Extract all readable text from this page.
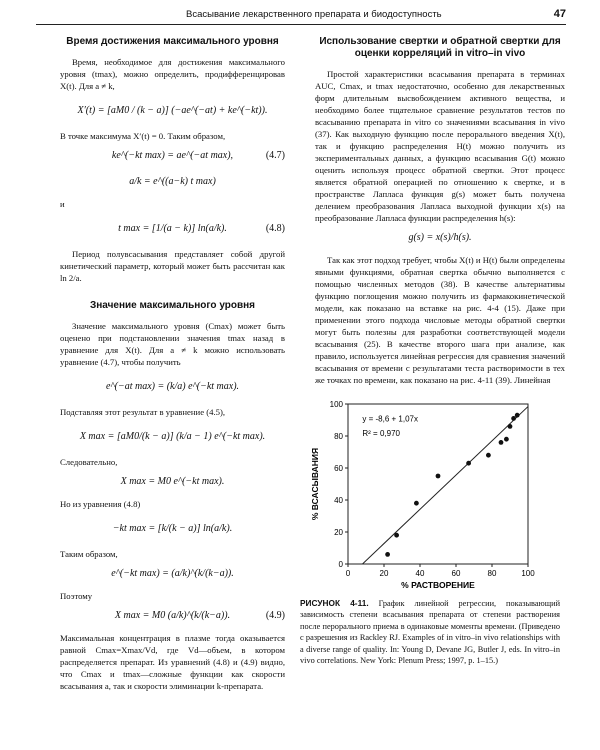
Всасывание лекарственного препарата и биодоступность	47
Время достижения максимального уровня

Время, необходимое для достижения максимального уровня (tmax), можно определить, продифференцировав X(t). Для a ≠ k,

X′(t) = [aM0 / (k − a)] (−ae^(−at) + ke^(−kt)).

В точке максимума X′(t) = 0. Таким образом,

ke^(−kt max) = ae^(−at max),	(4.7)
a/k = e^((a−k) t max)

и

t max = [1/(a − k)] ln(a/k).	(4.8)

Период полувсасывания представляет собой другой кинетический параметр, который может быть рассчитан как ln 2/a.

Значение максимального уровня

Значение максимального уровня (Cmax) может быть оценено при подстановлении значения tmax назад в уравнение для X(t). Для a ≠ k можно использовать уравнение (4.7), чтобы получить

e^(−at max) = (k/a) e^(−kt max).

Подставляя этот результат в уравнение (4.5),

X max = [aM0/(k − a)] (k/a − 1) e^(−kt max).

Следовательно,

X max = M0 e^(−kt max).

Но из уравнения (4.8)

−kt max = [k/(k − a)] ln(a/k).

Таким образом,

e^(−kt max) = (a/k)^(k/(k−a)).

Поэтому

X max = M0 (a/k)^(k/(k−a)).	(4.9)

Максимальная концентрация в плазме тогда оказывается равной Cmax=Xmax/Vd, где Vd—объем, в котором распределяется препарат. Из уравнений (4.8) и (4.9) видно, что Cmax и tmax—сложные функции как скорости всасывания a, так и скорости элиминации k-препарата.

Использование свертки и обратной свертки для оценки корреляций in vitro–in vivo

Простой характеристики всасывания препарата в терминах AUC, Cmax, и tmax недостаточно, особенно для лекарственных форм длительным высвобождением активного вещества, и необходимо более тщательное сравнение результатов тестов по всасыванию препарата in vitro со значениями всасывания in vivo (37). Как выходную функцию после перорального введения X(t), так и функцию распределения H(t) можно получить из экспериментальных данных, а функцию всасывания G(t) можно оценить используя процесс обратной свертки. Этот процесс является обратной операцией по отношению к свертке, и в пространстве Лапласа функция g(s) может быть получена делением преобразования Лапласа выходной функции x(s) на преобразование Лапласа функции распределения h(s):

g(s) = x(s)/h(s).

Так как этот подход требует, чтобы X(t) и H(t) были определены явными функциями, обратная свертка обычно выполняется с помощью численных методов (38). В качестве альтернативы функцию поглощения можно получить из фармакокинетической модели, как показано на вставке на рис. 4-4 (15). Даже при применении этого подхода числовые методы обратной свертки могут быть полезны для разработки соответствующей модели всасывания (25). В качестве второго шага при анализе, как правило, используется линейная регрессия для сравнения значений всасывания от времени с результатами теста растворимости в тех же точках по времени, как показано на рис. 4-11 (39). Линейная

0	20	40	60	80	100
0
20
40
60
80
100
y = -8,6 + 1,07x
R² = 0,970
% РАСТВОРЕНИЕ
% ВСАСЫВАНИЯ
РИСУНОК 4-11. График линейной регрессии, показывающий зависимость степени всасывания препарата от степени растворения после перорального приема в одинаковые моменты времени. (Приведено с разрешения из Rackley RJ. Examples of in vitro–in vivo relationships with a diverse range of quality. In: Young D, Devane JG, Butler J, eds. In vitro–in vivo correlations. New York: Plenum Press; 1997, p. 1–15.)
